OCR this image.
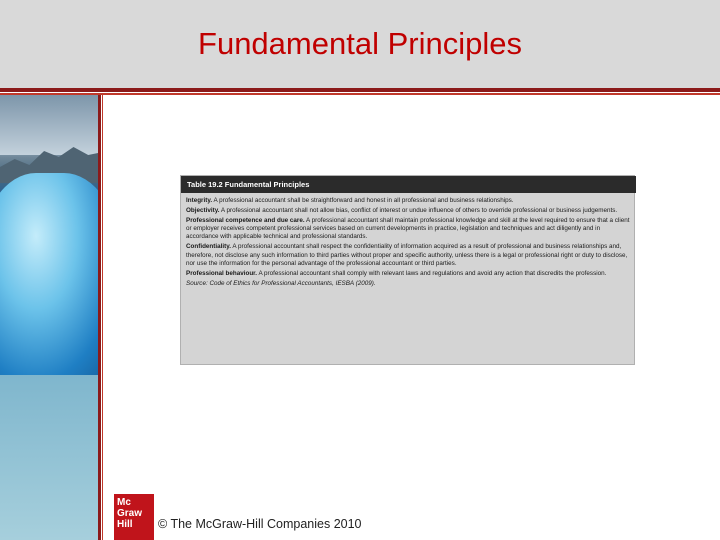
Fundamental Principles
Table 19.2 Fundamental Principles
Integrity. A professional accountant shall be straightforward and honest in all professional and business relationships.
Objectivity. A professional accountant shall not allow bias, conflict of interest or undue influence of others to override professional or business judgements.
Professional competence and due care. A professional accountant shall maintain professional knowledge and skill at the level required to ensure that a client or employer receives competent professional services based on current developments in practice, legislation and techniques and act diligently and in accordance with applicable technical and professional standards.
Confidentiality. A professional accountant shall respect the confidentiality of information acquired as a result of professional and business relationships and, therefore, not disclose any such information to third parties without proper and specific authority, unless there is a legal or professional right or duty to disclose, nor use the information for the personal advantage of the professional accountant or third parties.
Professional behaviour. A professional accountant shall comply with relevant laws and regulations and avoid any action that discredits the profession.
Source: Code of Ethics for Professional Accountants, IESBA (2009).
Mc
Graw
Hill	© The McGraw-Hill Companies 2010
